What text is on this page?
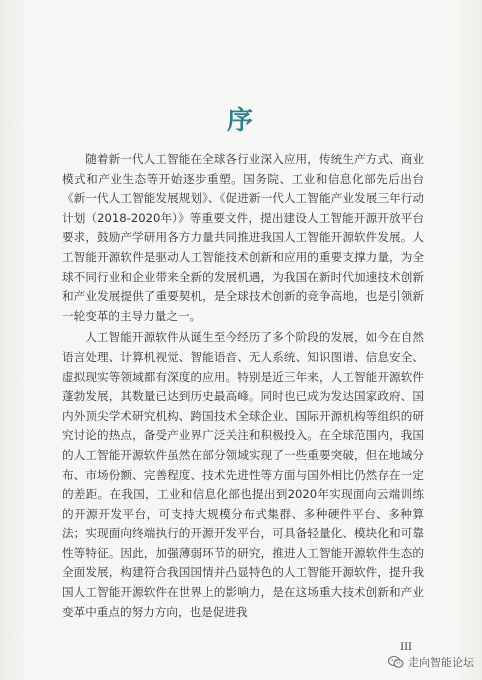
序

随着新一代人工智能在全球各行业深入应用，传统生产方式、商业模式和产业生态等开始逐步重塑。国务院、工业和信息化部先后出台《新一代人工智能发展规划》、《促进新一代人工智能产业发展三年行动计划（2018-2020年）》等重要文件，提出建设人工智能开源开放平台要求，鼓励产学研用各方力量共同推进我国人工智能开源软件发展。人工智能开源软件是驱动人工智能技术创新和应用的重要支撑力量，为全球不同行业和企业带来全新的发展机遇，为我国在新时代加速技术创新和产业发展提供了重要契机，是全球技术创新的竞争高地，也是引领新一轮变革的主导力量之一。

人工智能开源软件从诞生至今经历了多个阶段的发展，如今在自然语言处理、计算机视觉、智能语音、无人系统、知识图谱、信息安全、虚拟现实等领域都有深度的应用。特别是近三年来，人工智能开源软件蓬勃发展，其数量已达到历史最高峰。同时也已成为发达国家政府、国内外顶尖学术研究机构、跨国技术全球企业、国际开源机构等组织的研究讨论的热点，备受产业界广泛关注和积极投入。在全球范围内，我国的人工智能开源软件虽然在部分领域实现了一些重要突破，但在地域分布、市场份额、完善程度、技术先进性等方面与国外相比仍然存在一定的差距。在我国，工业和信息化部也提出到2020年实现面向云端训练的开源开发平台，可支持大规模分布式集群、多种硬件平台、多种算法；实现面向终端执行的开源开发平台，可具备轻量化、模块化和可靠性等特征。因此，加强薄弱环节的研究，推进人工智能开源软件生态的全面发展，构建符合我国国情并凸显特色的人工智能开源软件，提升我国人工智能开源软件在世界上的影响力，是在这场重大技术创新和产业变革中重点的努力方向，也是促进我

III
走向智能论坛
